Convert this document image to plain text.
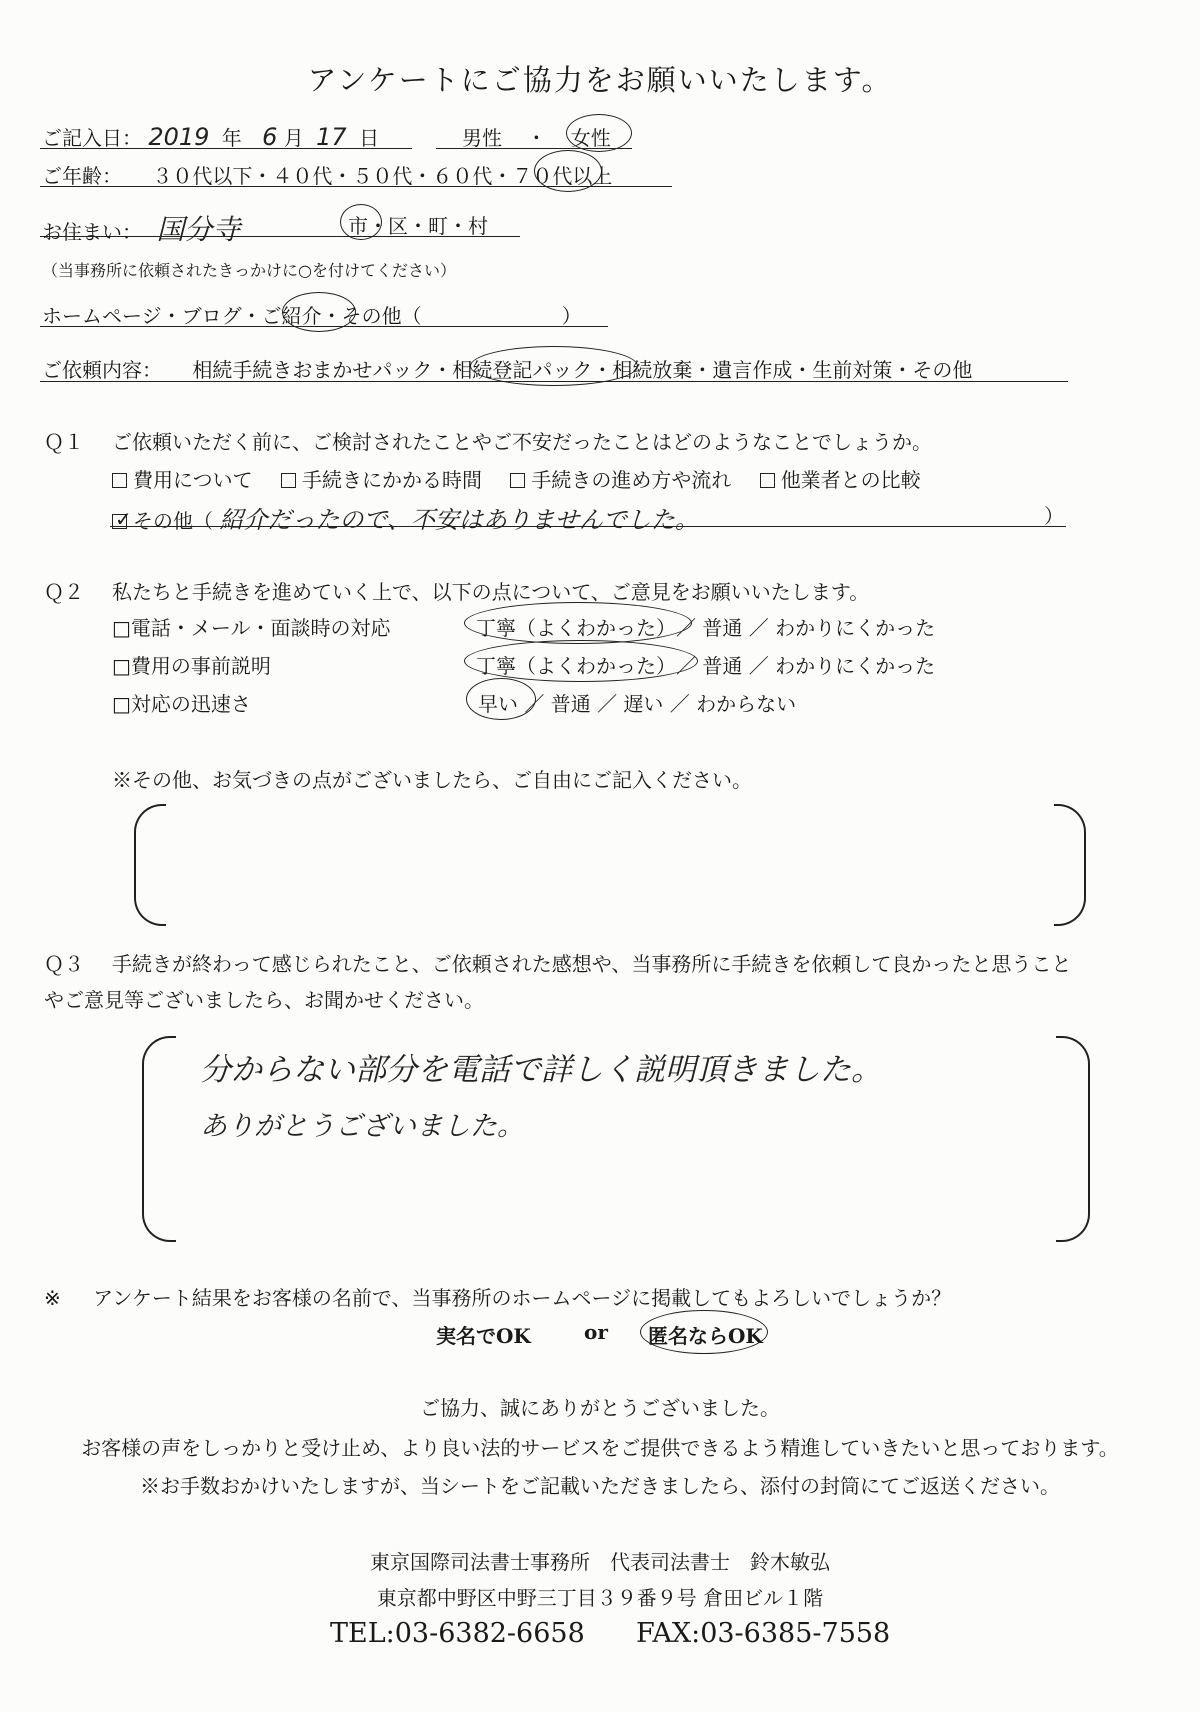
アンケートにご協力をお願いいたします。
ご記入日： 2019 年 6 月 17 日	男性 ・ 女性
ご年齢： ３０代以下・４０代・５０代・６０代・７０代以上
お住まい： 国分寺	市・区・町・村
（当事務所に依頼されたきっかけに○を付けてください）
ホームページ・ブログ・ご紹介・その他（　　　　　　　）
ご依頼内容： 相続手続きおまかせパック・相続登記パック・相続放棄・遺言作成・生前対策・その他
Ｑ１ ご依頼いただく前に、ご検討されたことやご不安だったことはどのようなことでしょうか。
費用について 手続きにかかる時間 手続きの進め方や流れ 他業者との比較
✓ その他（ 紹介だったので、不安はありませんでした。	）
Ｑ２ 私たちと手続きを進めていく上で、以下の点について、ご意見をお願いいたします。
□電話・メール・面談時の対応	丁寧（よくわかった）／ 普通 ／ わかりにくかった
□費用の事前説明	丁寧（よくわかった）／ 普通 ／ わかりにくかった
□対応の迅速さ	早い ／ 普通 ／ 遅い ／ わからない
※その他、お気づきの点がございましたら、ご自由にご記入ください。
Ｑ３ 手続きが終わって感じられたこと、ご依頼された感想や、当事務所に手続きを依頼して良かったと思うこと
やご意見等ございましたら、お聞かせください。
分からない部分を電話で詳しく説明頂きました。
ありがとうございました。
※ アンケート結果をお客様の名前で、当事務所のホームページに掲載してもよろしいでしょうか？
実名でOK	or 匿名ならOK
ご協力、誠にありがとうございました。
お客様の声をしっかりと受け止め、より良い法的サービスをご提供できるよう精進していきたいと思っております。
※お手数おかけいたしますが、当シートをご記載いただきましたら、添付の封筒にてご返送ください。
東京国際司法書士事務所　代表司法書士　鈴木敏弘
東京都中野区中野三丁目３９番９号 倉田ビル１階
TEL:03-6382-6658 FAX:03-6385-7558
